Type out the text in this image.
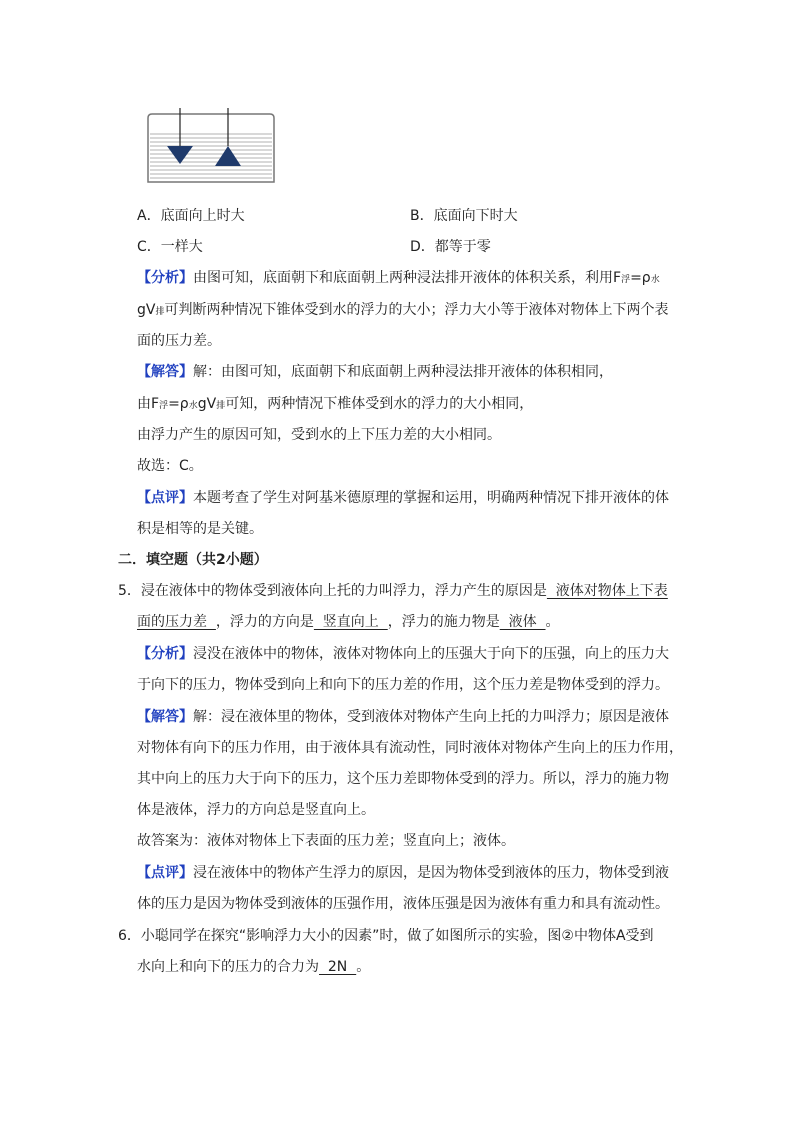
A．底面向上时大	B．底面向下时大
C．一样大	D．都等于零
【分析】由图可知，底面朝下和底面朝上两种浸法排开液体的体积关系，利用F浮=ρ水
gV排可判断两种情况下锥体受到水的浮力的大小；浮力大小等于液体对物体上下两个表
面的压力差。
【解答】解：由图可知，底面朝下和底面朝上两种浸法排开液体的体积相同，
由F浮=ρ水gV排可知，两种情况下椎体受到水的浮力的大小相同，
由浮力产生的原因可知，受到水的上下压力差的大小相同。
故选：C。
【点评】本题考查了学生对阿基米德原理的掌握和运用，明确两种情况下排开液体的体
积是相等的是关键。
二．填空题（共2小题）
5．浸在液体中的物体受到液体向上托的力叫浮力，浮力产生的原因是  液体对物体上下表
面的压力差  ，浮力的方向是  竖直向上  ，浮力的施力物是  液体  。
【分析】浸没在液体中的物体，液体对物体向上的压强大于向下的压强，向上的压力大
于向下的压力，物体受到向上和向下的压力差的作用，这个压力差是物体受到的浮力。
【解答】解：浸在液体里的物体，受到液体对物体产生向上托的力叫浮力；原因是液体
对物体有向下的压力作用，由于液体具有流动性，同时液体对物体产生向上的压力作用，
其中向上的压力大于向下的压力，这个压力差即物体受到的浮力。所以，浮力的施力物
体是液体，浮力的方向总是竖直向上。
故答案为：液体对物体上下表面的压力差；竖直向上；液体。
【点评】浸在液体中的物体产生浮力的原因，是因为物体受到液体的压力，物体受到液
体的压力是因为物体受到液体的压强作用，液体压强是因为液体有重力和具有流动性。
6．小聪同学在探究“影响浮力大小的因素”时，做了如图所示的实验，图②中物体A受到
水向上和向下的压力的合力为  2N  。
